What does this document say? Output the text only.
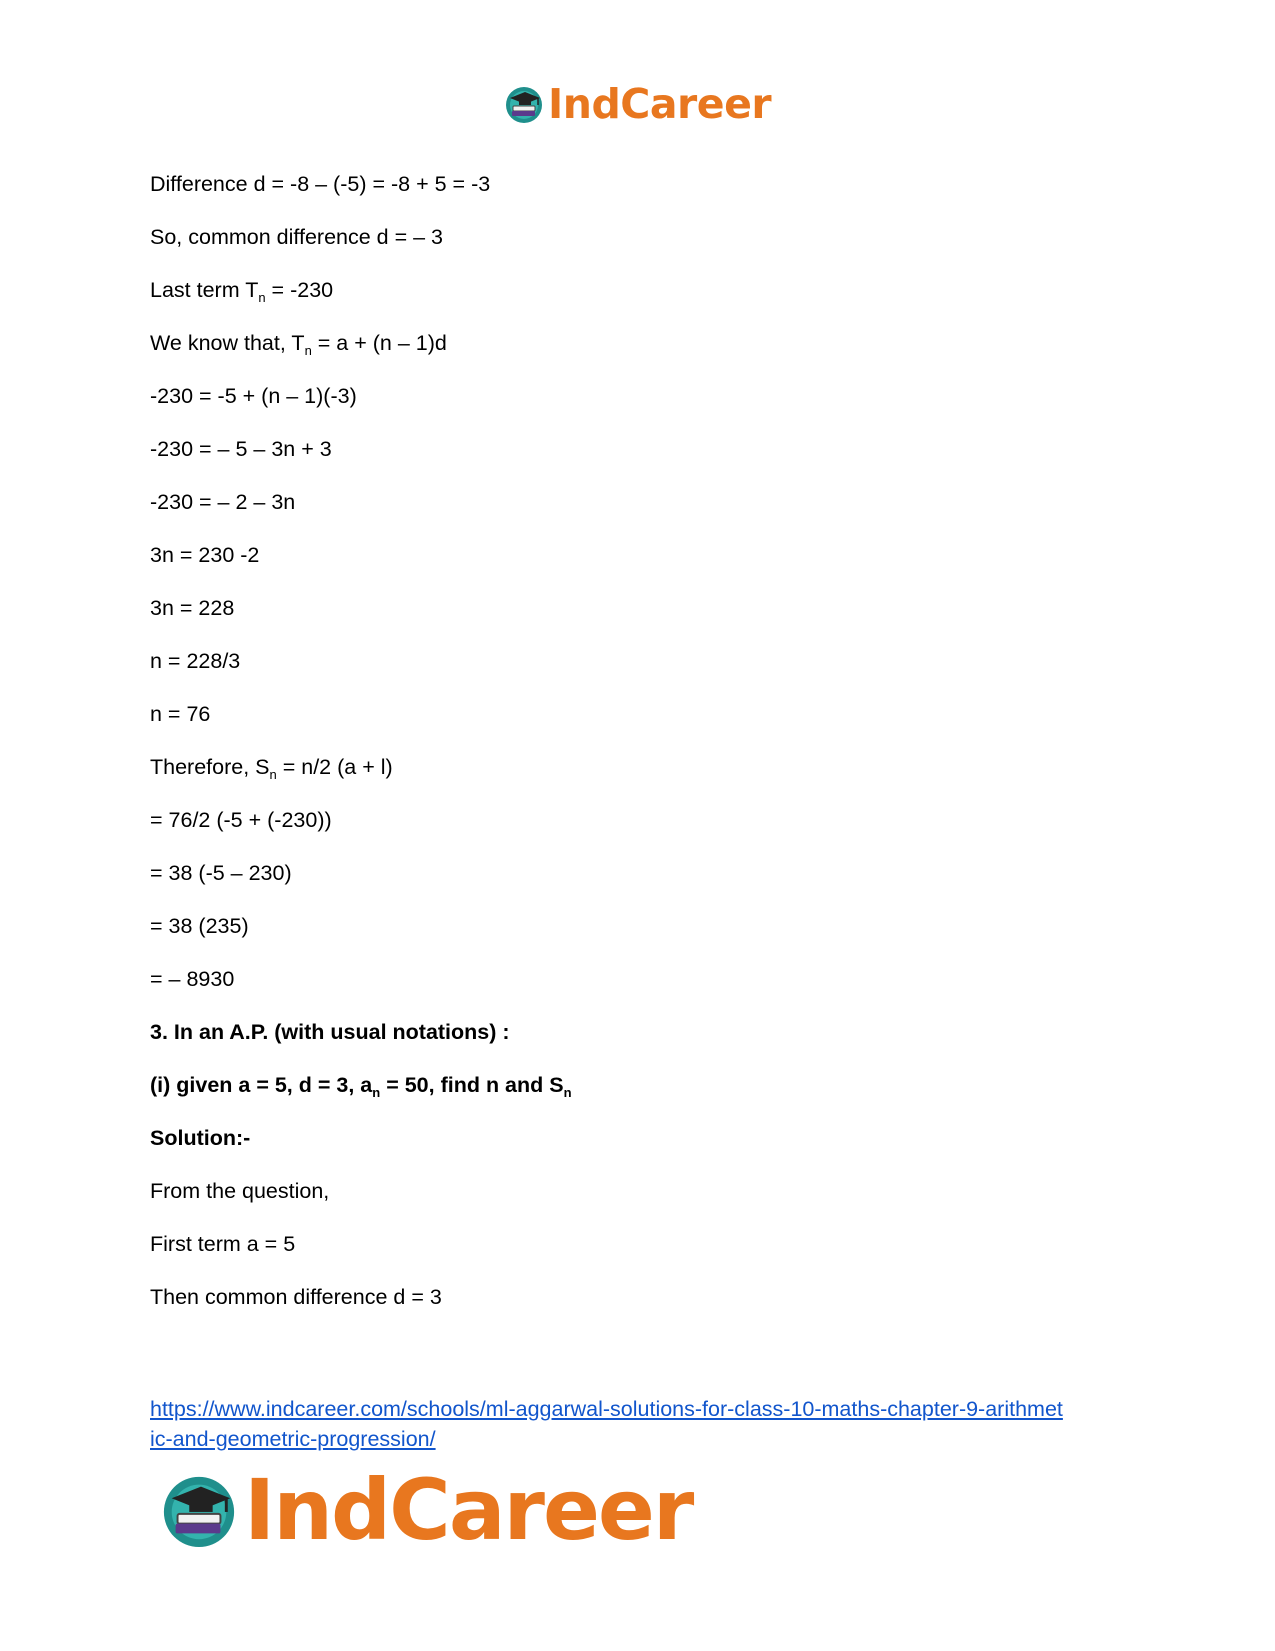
IndCareer
https://www.indcareer.com/schools/ml-aggarwal-solutions-for-class-10-maths-chapter-9-arithmet
ic-and-geometric-progression/
Difference d = -8 – (-5) = -8 + 5 = -3
So, common difference d = – 3
Last term $T_n = -230$
We know that, $T_n = a + (n - 1)d$
-230 = -5 + (n – 1)(-3)
-230 = – 5 – 3n + 3
-230 = – 2 – 3n
3n = 230 -2
3n = 228
n = 228/3
n = 76
Therefore, $S_n = n/2$ (a + l)
= 76/2 (-5 + (-230))
= 38 (-5 – 230)
= 38 (235)
= – 8930
3. In an A.P. (with usual notations) :
(i) given a = 5, d = 3, $a_n = 50$, find n and $S_n$
Solution:-
From the question,
First term a = 5
Then common difference d = 3
IndCareer
